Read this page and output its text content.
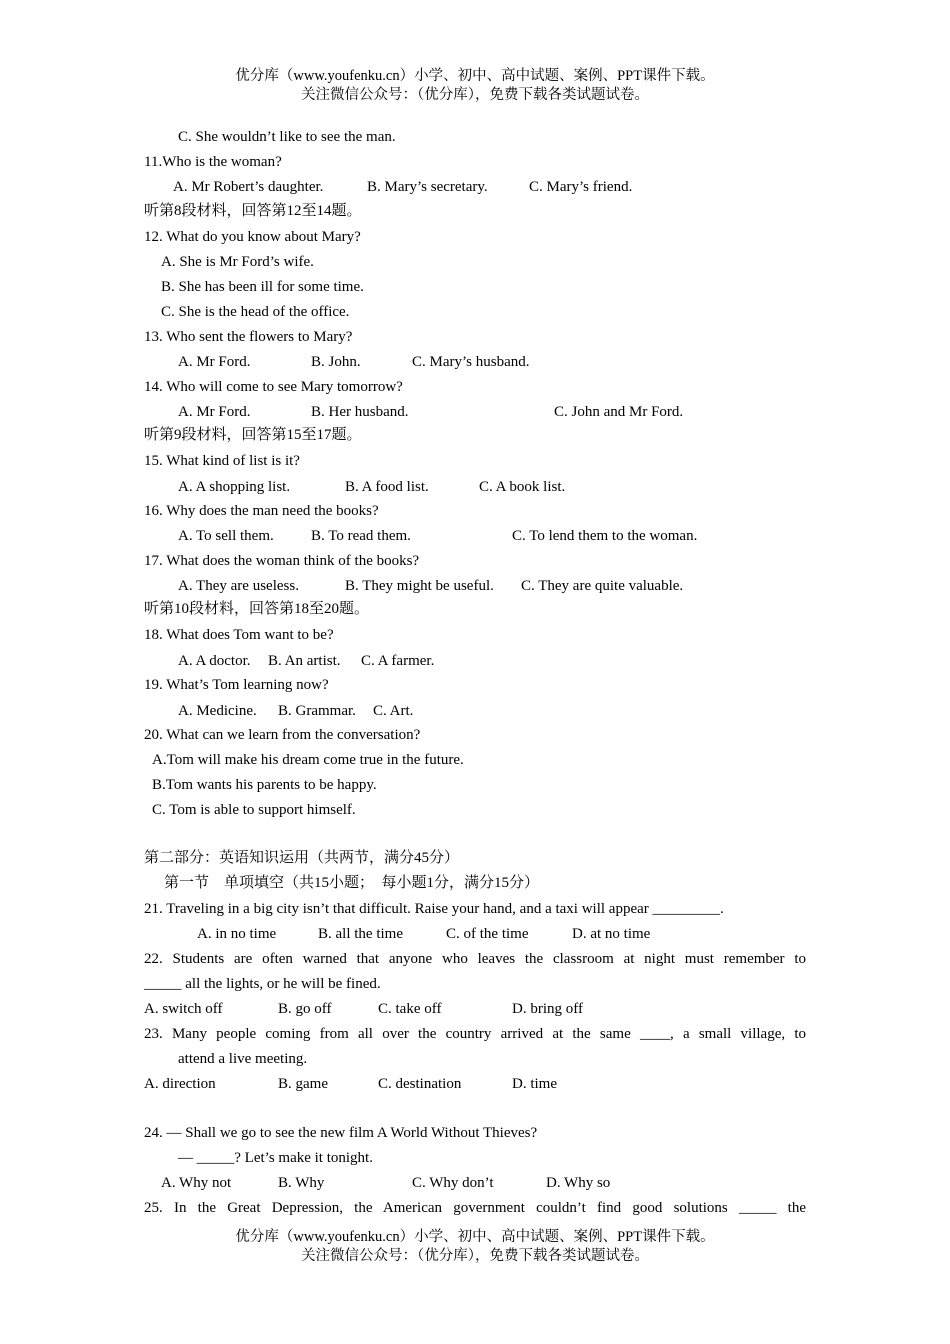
优分库（www.youfenku.cn）小学、初中、高中试题、案例、PPT课件下载。
关注微信公众号：（优分库），免费下载各类试题试卷。
C. She wouldn’t like to see the man.
11.Who is the woman?
A. Mr Robert’s daughter.	B. Mary’s secretary.	C. Mary’s friend.
听第8段材料，回答第12至14题。
12. What do you know about Mary?
A. She is Mr Ford’s wife.
B. She has been ill for some time.
C. She is the head of the office.
13. Who sent the flowers to Mary?
A. Mr Ford.	B. John.	C. Mary’s husband.
14. Who will come to see Mary tomorrow?
A. Mr Ford.	B. Her husband.	C. John and Mr Ford.
听第9段材料，回答第15至17题。
15. What kind of list is it?
A. A shopping list.	B. A food list.	C. A book list.
16. Why does the man need the books?
A. To sell them. B. To read them.	C. To lend them to the woman.
17. What does the woman think of the books?
A. They are useless.	B. They might be useful. C. They are quite valuable.
听第10段材料，回答第18至20题。
18. What does Tom want to be?
A. A doctor. B. An artist. C. A farmer.
19. What’s Tom learning now?
A. Medicine. B. Grammar. C. Art.
20. What can we learn from the conversation?
A.Tom will make his dream come true in the future.
B.Tom wants his parents to be happy.
C. Tom is able to support himself.
第二部分：英语知识运用（共两节，满分45分）
第一节    单项填空（共15小题；  每小题1分，满分15分）
21. Traveling in a big city isn’t that difficult. Raise your hand, and a taxi will appear _________.
A. in no time	B. all the time	C. of the time	D. at no time
22. Students are often warned that anyone who leaves the classroom at night must remember to
_____ all the lights, or he will be fined.
A. switch off	B. go off	C. take off	D. bring off
23. Many people coming from all over the country arrived at the same ____, a small village, to
attend a live meeting.
A. direction	B. game	C. destination	D. time
24. — Shall we go to see the new film A World Without Thieves?
— _____? Let’s make it tonight.
A. Why not	B. Why	C. Why don’t	D. Why so
25. In the Great Depression, the American government couldn’t find good solutions _____ the
优分库（www.youfenku.cn）小学、初中、高中试题、案例、PPT课件下载。
关注微信公众号：（优分库），免费下载各类试题试卷。
